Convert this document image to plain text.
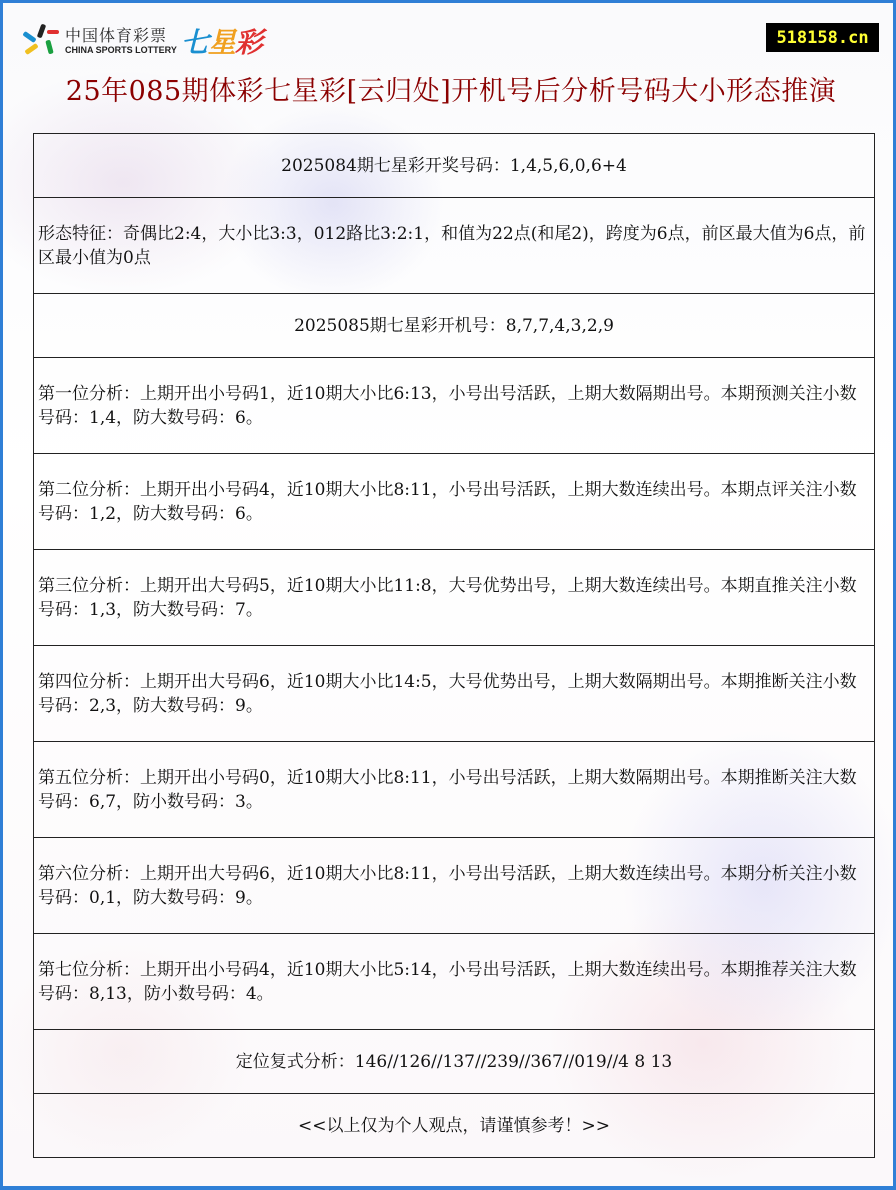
中国体育彩票
CHINA SPORTS LOTTERY 七星彩	518158.cn
25年085期体彩七星彩[云归处]开机号后分析号码大小形态推演
2025084期七星彩开奖号码：1,4,5,6,0,6+4
形态特征：奇偶比2:4，大小比3:3，012路比3:2:1，和值为22点(和尾2)，跨度为6点，前区最大值为6点，前区最小值为0点
2025085期七星彩开机号：8,7,7,4,3,2,9
第一位分析：上期开出小号码1，近10期大小比6:13，小号出号活跃，上期大数隔期出号。本期预测关注小数号码：1,4，防大数号码：6。
第二位分析：上期开出小号码4，近10期大小比8:11，小号出号活跃，上期大数连续出号。本期点评关注小数号码：1,2，防大数号码：6。
第三位分析：上期开出大号码5，近10期大小比11:8，大号优势出号，上期大数连续出号。本期直推关注小数号码：1,3，防大数号码：7。
第四位分析：上期开出大号码6，近10期大小比14:5，大号优势出号，上期大数隔期出号。本期推断关注小数号码：2,3，防大数号码：9。
第五位分析：上期开出小号码0，近10期大小比8:11，小号出号活跃，上期大数隔期出号。本期推断关注大数号码：6,7，防小数号码：3。
第六位分析：上期开出大号码6，近10期大小比8:11，小号出号活跃，上期大数连续出号。本期分析关注小数号码：0,1，防大数号码：9。
第七位分析：上期开出小号码4，近10期大小比5:14，小号出号活跃，上期大数连续出号。本期推荐关注大数号码：8,13，防小数号码：4。
定位复式分析：146//126//137//239//367//019//4 8 13
<<以上仅为个人观点，请谨慎参考！>>
